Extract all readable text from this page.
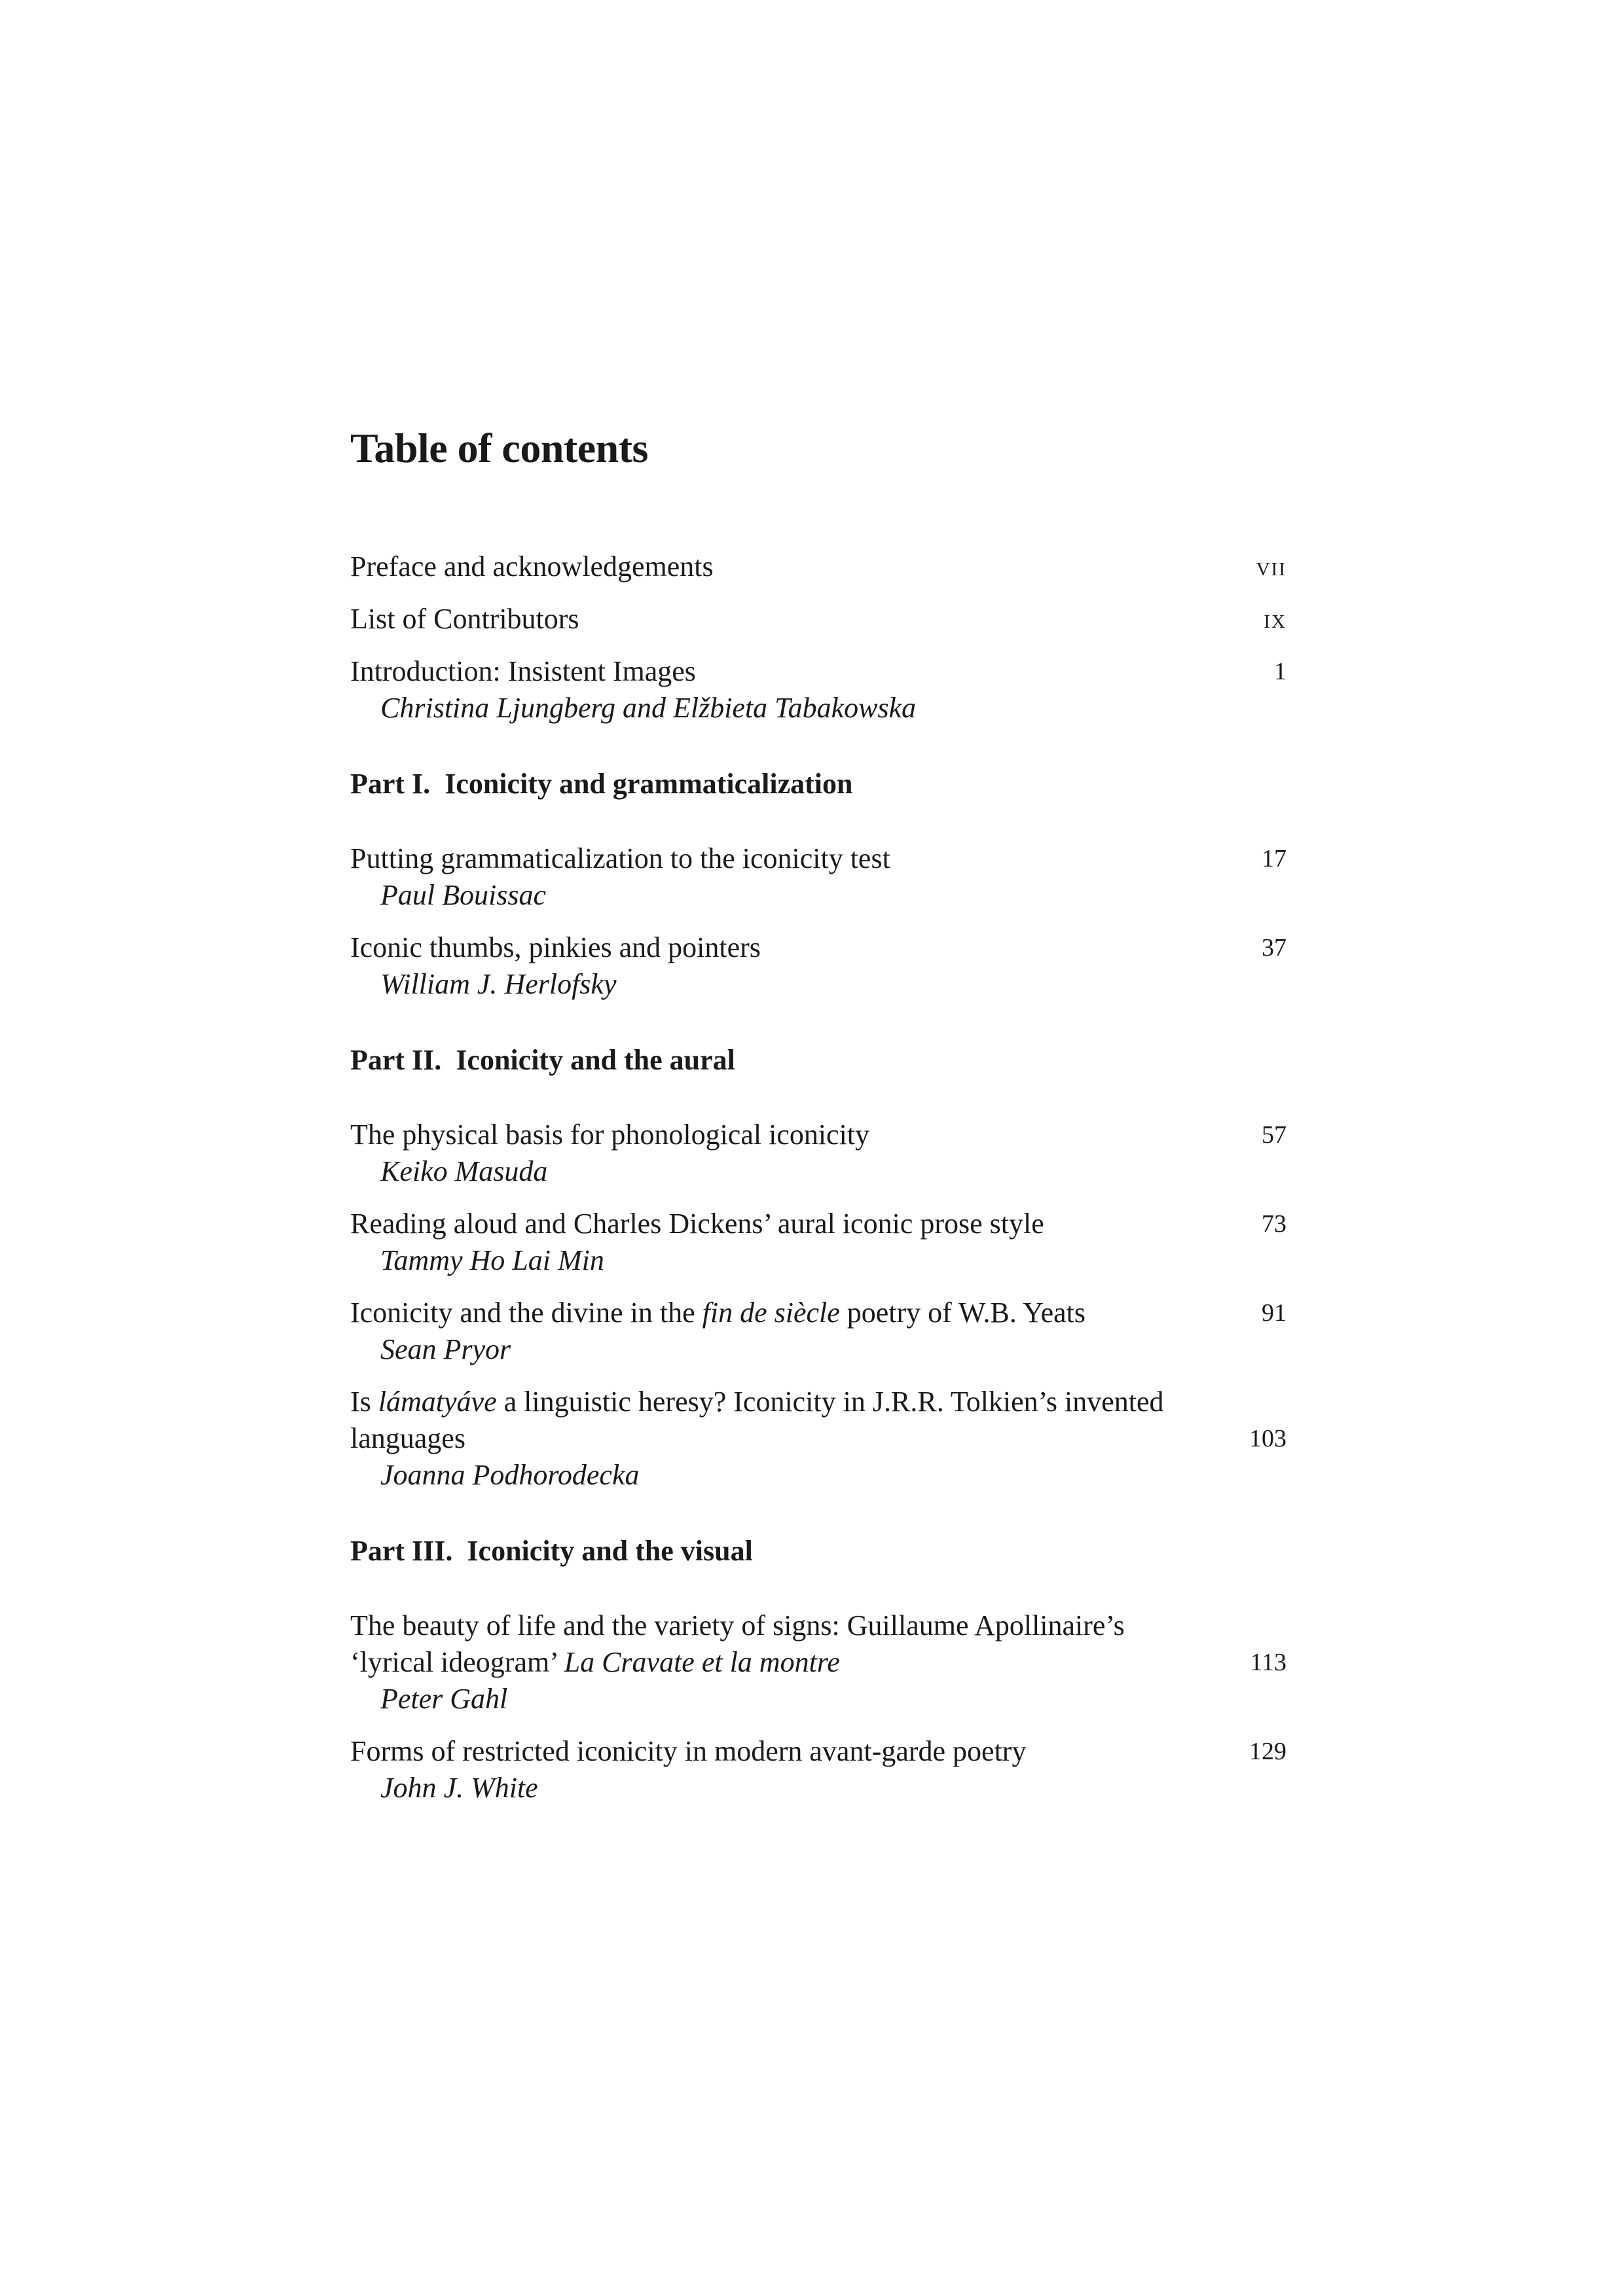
Table of contents
Preface and acknowledgements	vii
List of Contributors	ix
Introduction: Insistent Images
Christina Ljungberg and Elžbieta Tabakowska
1
Part I. Iconicity and grammaticalization
Putting grammaticalization to the iconicity test
Paul Bouissac
17
Iconic thumbs, pinkies and pointers
William J. Herlofsky
37
Part II. Iconicity and the aural
The physical basis for phonological iconicity
Keiko Masuda
57
Reading aloud and Charles Dickens’ aural iconic prose style
Tammy Ho Lai Min
73
Iconicity and the divine in the fin de siècle poetry of W.B. Yeats
Sean Pryor
91
Is lámatyáve a linguistic heresy? Iconicity in J.R.R. Tolkien’s invented languages
Joanna Podhorodecka
103
Part III. Iconicity and the visual
The beauty of life and the variety of signs: Guillaume Apollinaire’s ‘lyrical ideogram’ La Cravate et la montre
Peter Gahl
113
Forms of restricted iconicity in modern avant-garde poetry
John J. White
129
